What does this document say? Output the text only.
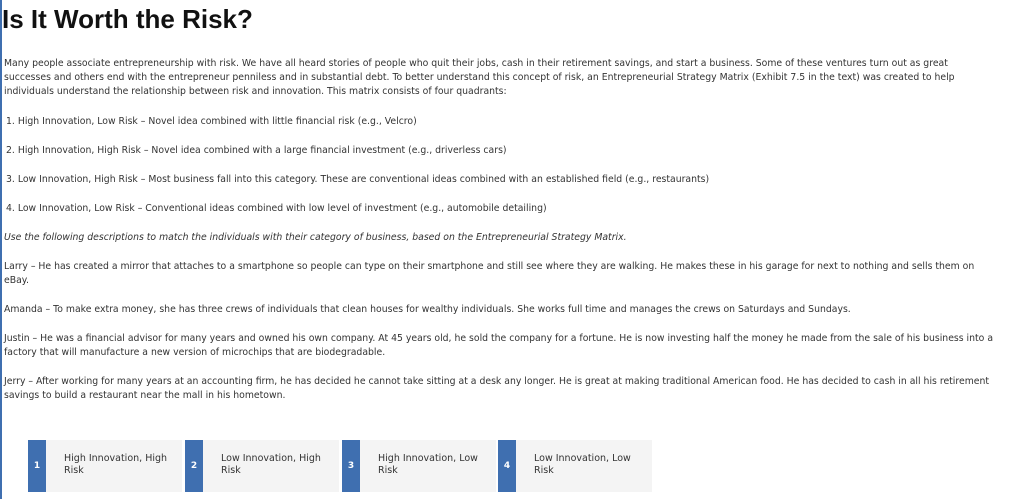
Is It Worth the Risk?

Many people associate entrepreneurship with risk. We have all heard stories of people who quit their jobs, cash in their retirement savings, and start a business. Some of these ventures turn out as great successes and others end with the entrepreneur penniless and in substantial debt. To better understand this concept of risk, an Entrepreneurial Strategy Matrix (Exhibit 7.5 in the text) was created to help individuals understand the relationship between risk and innovation. This matrix consists of four quadrants:

1. High Innovation, Low Risk – Novel idea combined with little financial risk (e.g., Velcro)

2. High Innovation, High Risk – Novel idea combined with a large financial investment (e.g., driverless cars)

3. Low Innovation, High Risk – Most business fall into this category. These are conventional ideas combined with an established field (e.g., restaurants)

4. Low Innovation, Low Risk – Conventional ideas combined with low level of investment (e.g., automobile detailing)

Use the following descriptions to match the individuals with their category of business, based on the Entrepreneurial Strategy Matrix.

Larry – He has created a mirror that attaches to a smartphone so people can type on their smartphone and still see where they are walking. He makes these in his garage for next to nothing and sells them on eBay.

Amanda – To make extra money, she has three crews of individuals that clean houses for wealthy individuals. She works full time and manages the crews on Saturdays and Sundays.

Justin – He was a financial advisor for many years and owned his own company. At 45 years old, he sold the company for a fortune. He is now investing half the money he made from the sale of his business into a factory that will manufacture a new version of microchips that are biodegradable.

Jerry – After working for many years at an accounting firm, he has decided he cannot take sitting at a desk any longer. He is great at making traditional American food. He has decided to cash in all his retirement savings to build a restaurant near the mall in his hometown.

1
High Innovation, High Risk	2
Low Innovation, High Risk	3
High Innovation, Low Risk	4
Low Innovation, Low Risk
